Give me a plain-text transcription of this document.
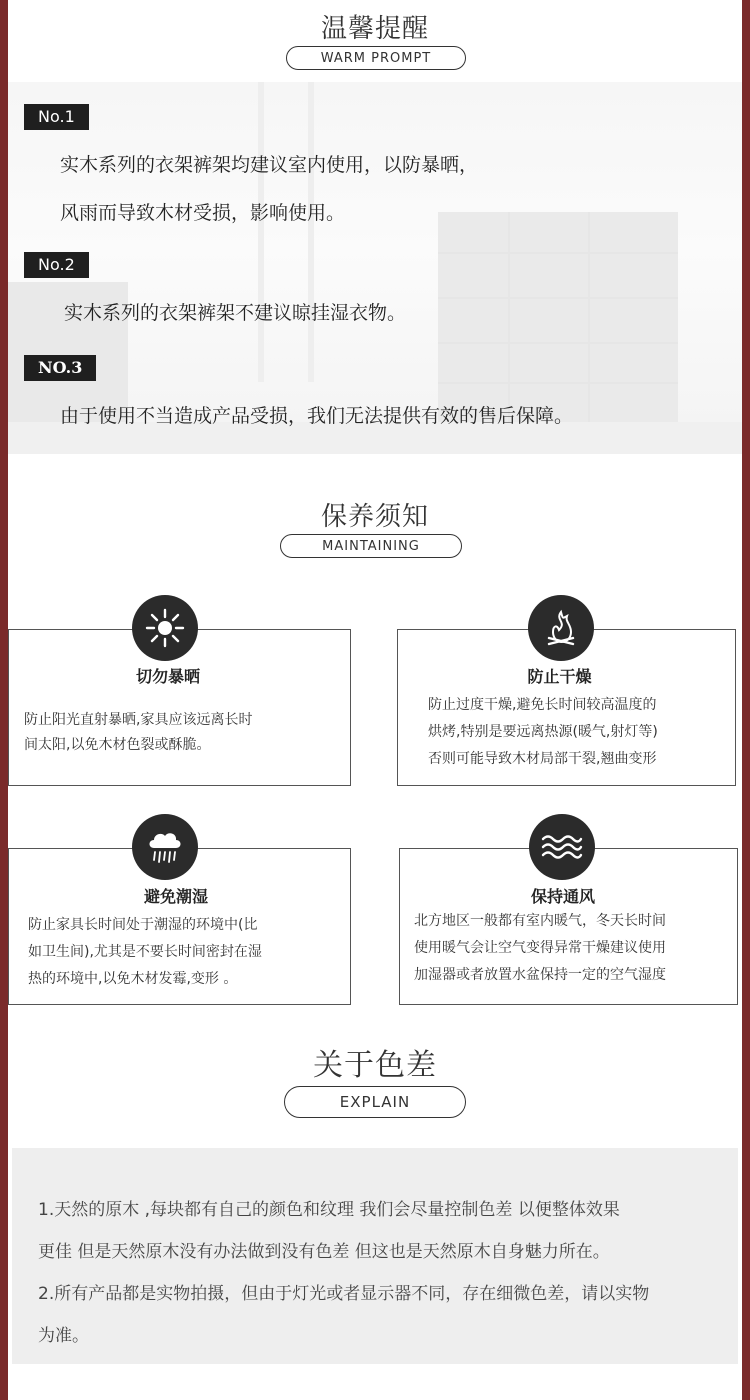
温馨提醒
WARM PROMPT
No.1
实木系列的衣架裤架均建议室内使用，以防暴晒，
风雨而导致木材受损，影响使用。
No.2
实木系列的衣架裤架不建议晾挂湿衣物。
NO.3
由于使用不当造成产品受损，我们无法提供有效的售后保障。
保养须知
MAINTAINING
切勿暴晒
防止阳光直射暴晒,家具应该远离长时
间太阳,以免木材色裂或酥脆。
防止干燥
防止过度干燥,避免长时间较高温度的
烘烤,特别是要远离热源(暖气,射灯等)
否则可能导致木材局部干裂,翘曲变形
避免潮湿
防止家具长时间处于潮湿的环境中(比
如卫生间),尤其是不要长时间密封在湿
热的环境中,以免木材发霉,变形 。
保持通风
北方地区一般都有室内暖气，冬天长时间
使用暖气会让空气变得异常干燥建议使用
加湿器或者放置水盆保持一定的空气湿度
关于色差
EXPLAIN
1.天然的原木 ,每块都有自己的颜色和纹理 我们会尽量控制色差 以便整体效果
更佳 但是天然原木没有办法做到没有色差 但这也是天然原木自身魅力所在。
2.所有产品都是实物拍摄，但由于灯光或者显示器不同，存在细微色差，请以实物
为准。
